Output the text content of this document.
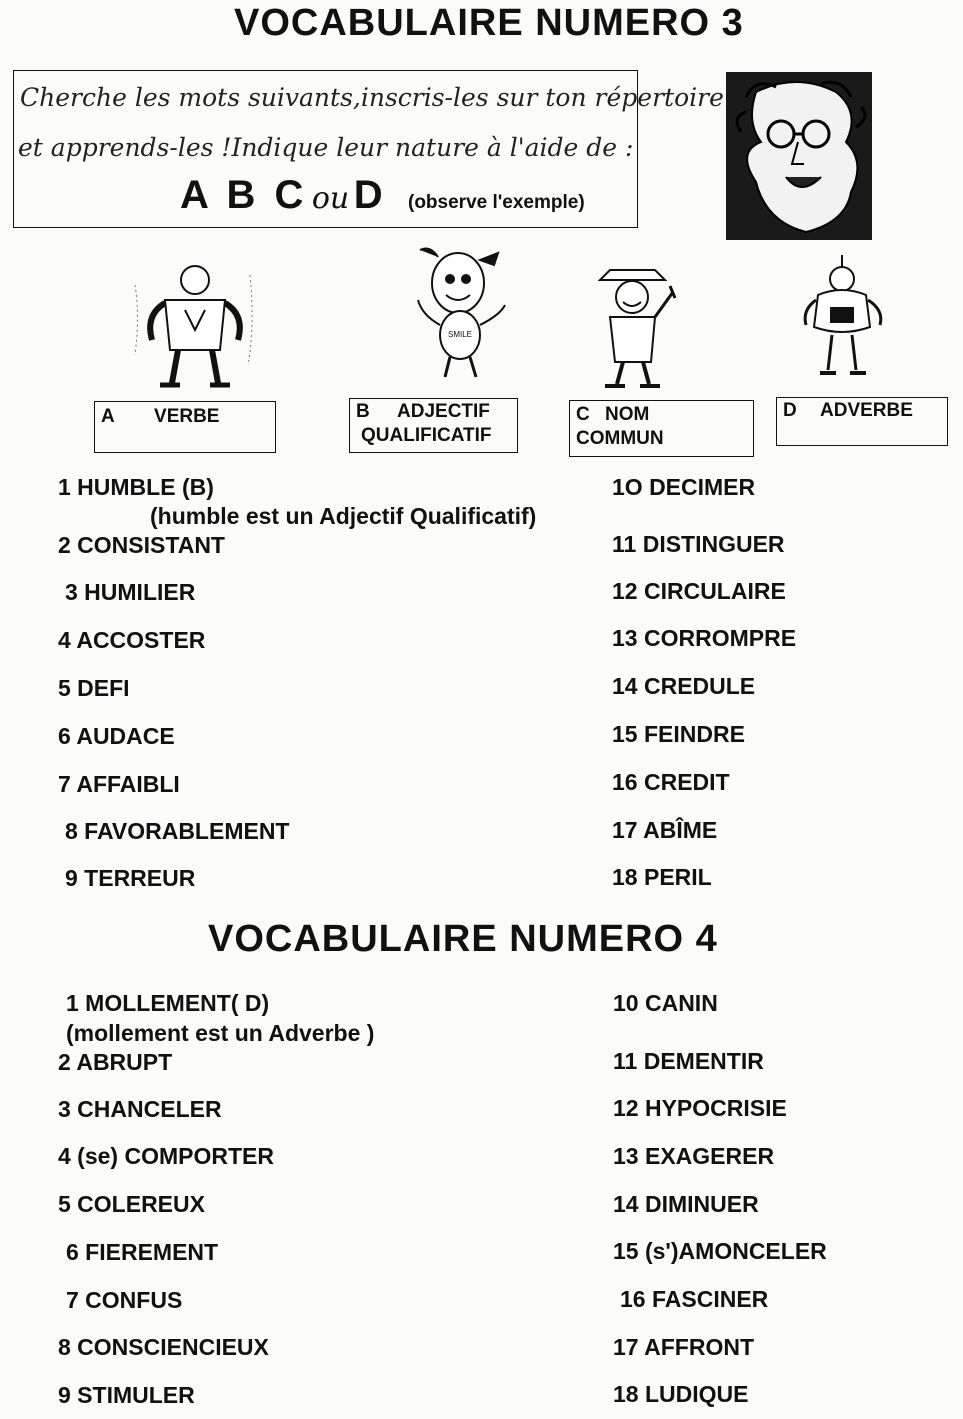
VOCABULAIRE NUMERO 3
Cherche les mots suivants,inscris-les sur ton répertoire
et apprends-les !Indique leur nature à l'aide de :
A B C ou D (observe l'exemple)
SMILE
A VERBE	B ADJECTIF
QUALIFICATIF
C NOM
COMMUN
D ADVERBE
1 HUMBLE (B)
(humble est un Adjectif Qualificatif)
2 CONSISTANT
3 HUMILIER
4 ACCOSTER
5 DEFI
6 AUDACE
7 AFFAIBLI
8 FAVORABLEMENT
9 TERREUR
1O DECIMER
11 DISTINGUER
12 CIRCULAIRE
13 CORROMPRE
14 CREDULE
15 FEINDRE
16 CREDIT
17 ABÎME
18 PERIL
VOCABULAIRE NUMERO 4
1 MOLLEMENT( D)
(mollement est un Adverbe )
2 ABRUPT
3 CHANCELER
4 (se) COMPORTER
5 COLEREUX
6 FIEREMENT
7 CONFUS
8 CONSCIENCIEUX
9 STIMULER
10 CANIN
11 DEMENTIR
12 HYPOCRISIE
13 EXAGERER
14 DIMINUER
15 (s')AMONCELER
16 FASCINER
17 AFFRONT
18 LUDIQUE
